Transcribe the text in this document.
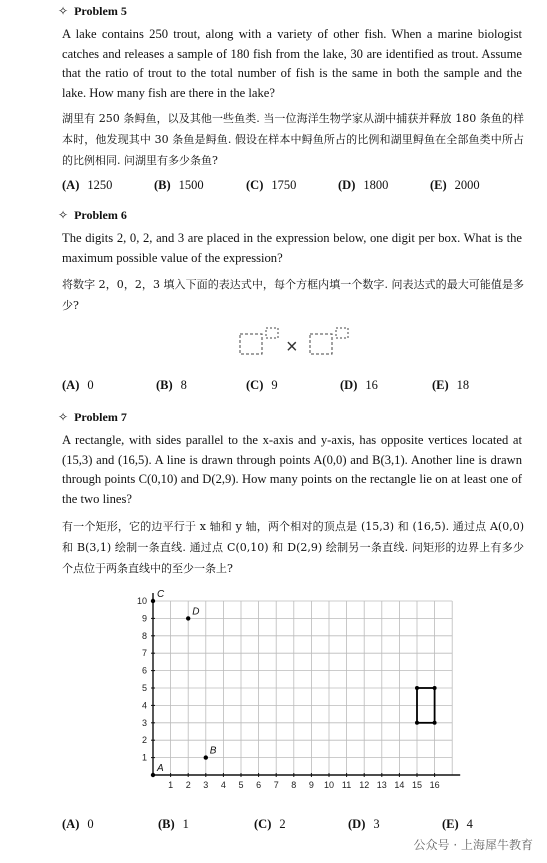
✧ Problem 5
A lake contains 250 trout, along with a variety of other fish. When a marine biologist catches and releases a sample of 180 fish from the lake, 30 are identified as trout. Assume that the ratio of trout to the total number of fish is the same in both the sample and the lake. How many fish are there in the lake?
湖里有 250 条鲟鱼，以及其他一些鱼类. 当一位海洋生物学家从湖中捕获并释放 180 条鱼的样本时，他发现其中 30 条鱼是鲟鱼. 假设在样本中鲟鱼所占的比例和湖里鲟鱼在全部鱼类中所占的比例相同. 问湖里有多少条鱼?
(A) 1250	(B) 1500	(C) 1750	(D) 1800	(E) 2000
✧ Problem 6
The digits 2, 0, 2, and 3 are placed in the expression below, one digit per box. What is the maximum possible value of the expression?
将数字 2，0，2，3 填入下面的表达式中，每个方框内填一个数字. 问表达式的最大可能值是多少?
×
(A) 0	(B) 8	(C) 9	(D) 16	(E) 18
✧ Problem 7
A rectangle, with sides parallel to the x-axis and y-axis, has opposite vertices located at (15,3) and (16,5). A line is drawn through points A(0,0) and B(3,1). Another line is drawn through points C(0,10) and D(2,9). How many points on the rectangle lie on at least one of the two lines?
有一个矩形，它的边平行于 x 轴和 y 轴，两个相对的顶点是 (15,3) 和 (16,5). 通过点 A(0,0) 和 B(3,1) 绘制一条直线. 通过点 C(0,10) 和 D(2,9) 绘制另一条直线. 问矩形的边界上有多少个点位于两条直线中的至少一条上?
1 2 3 4 5 6 7 8 9 10 11 12 13 14 15 16
1
2
3
4
5
6
7
8
9
10
A
B
C
D
(A) 0	(B) 1	(C) 2	(D) 3	(E) 4
公众号 · 上海犀牛教育
